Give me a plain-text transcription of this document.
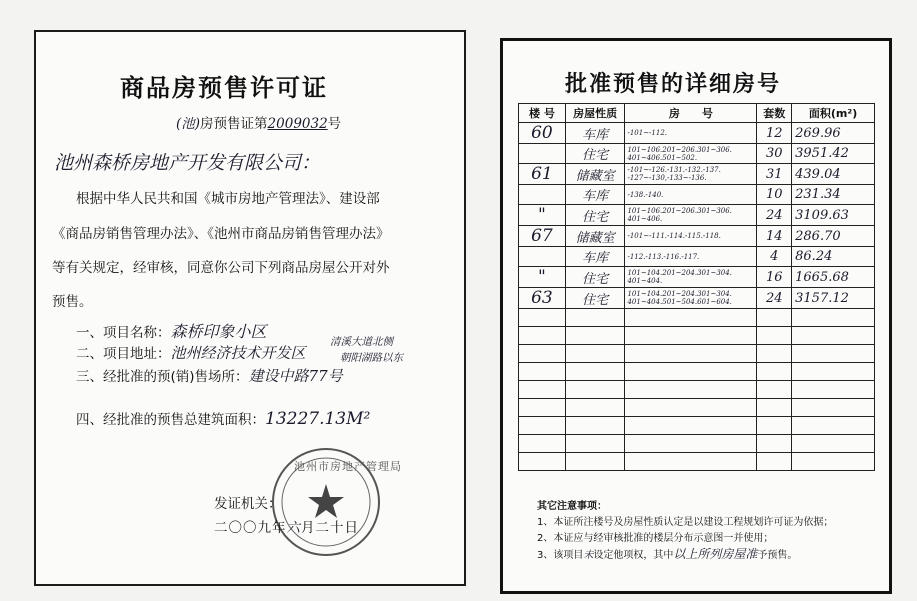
商品房预售许可证
(池)房预售证第2009032号
池州森桥房地产开发有限公司：
根据中华人民共和国《城市房地产管理法》、建设部
《商品房销售管理办法》、《池州市商品房销售管理办法》
等有关规定，经审核，同意你公司下列商品房屋公开对外
预售。
一、项目名称：森桥印象小区
二、项目地址：池州经济技术开发区
清溪大道北侧
朝阳湖路以东
三、经批准的预(销)售场所：建设中路77号
四、经批准的预售总建筑面积：13227.13M²
池州市房地产管理局
发证机关：
二〇〇九年六月二十日
批准预售的详细房号
楼 号	房屋性质	房　　号	套数	面积(m²)
60	车库	-101~-112.	12	269.96
	住宅	101~106.201~206.301~306. 401~406.501~502.	30	3951.42
61	储藏室	-101~-126.-131.-132.-137. -127~-130,-133~-136.	31	439.04
	车库	-138.-140.	10	231.34
"	住宅	101~106.201~206.301~306. 401~406.	24	3109.63
67	储藏室	-101~-111.-114.-115.-118.	14	286.70
	车库	-112.-113.-116.-117.	4	86.24
"	住宅	101~104.201~204.301~304. 401~404.	16	1665.68
63	住宅	101~104.201~204.301~304. 401~404.501~504.601~604.	24	3157.12

其它注意事项：
1、本证所注楼号及房屋性质认定是以建设工程规划许可证为依据；
2、本证应与经审核批准的楼层分布示意图一并使用；
3、该项目未设定他项权，其中以上所列房屋准予预售。
